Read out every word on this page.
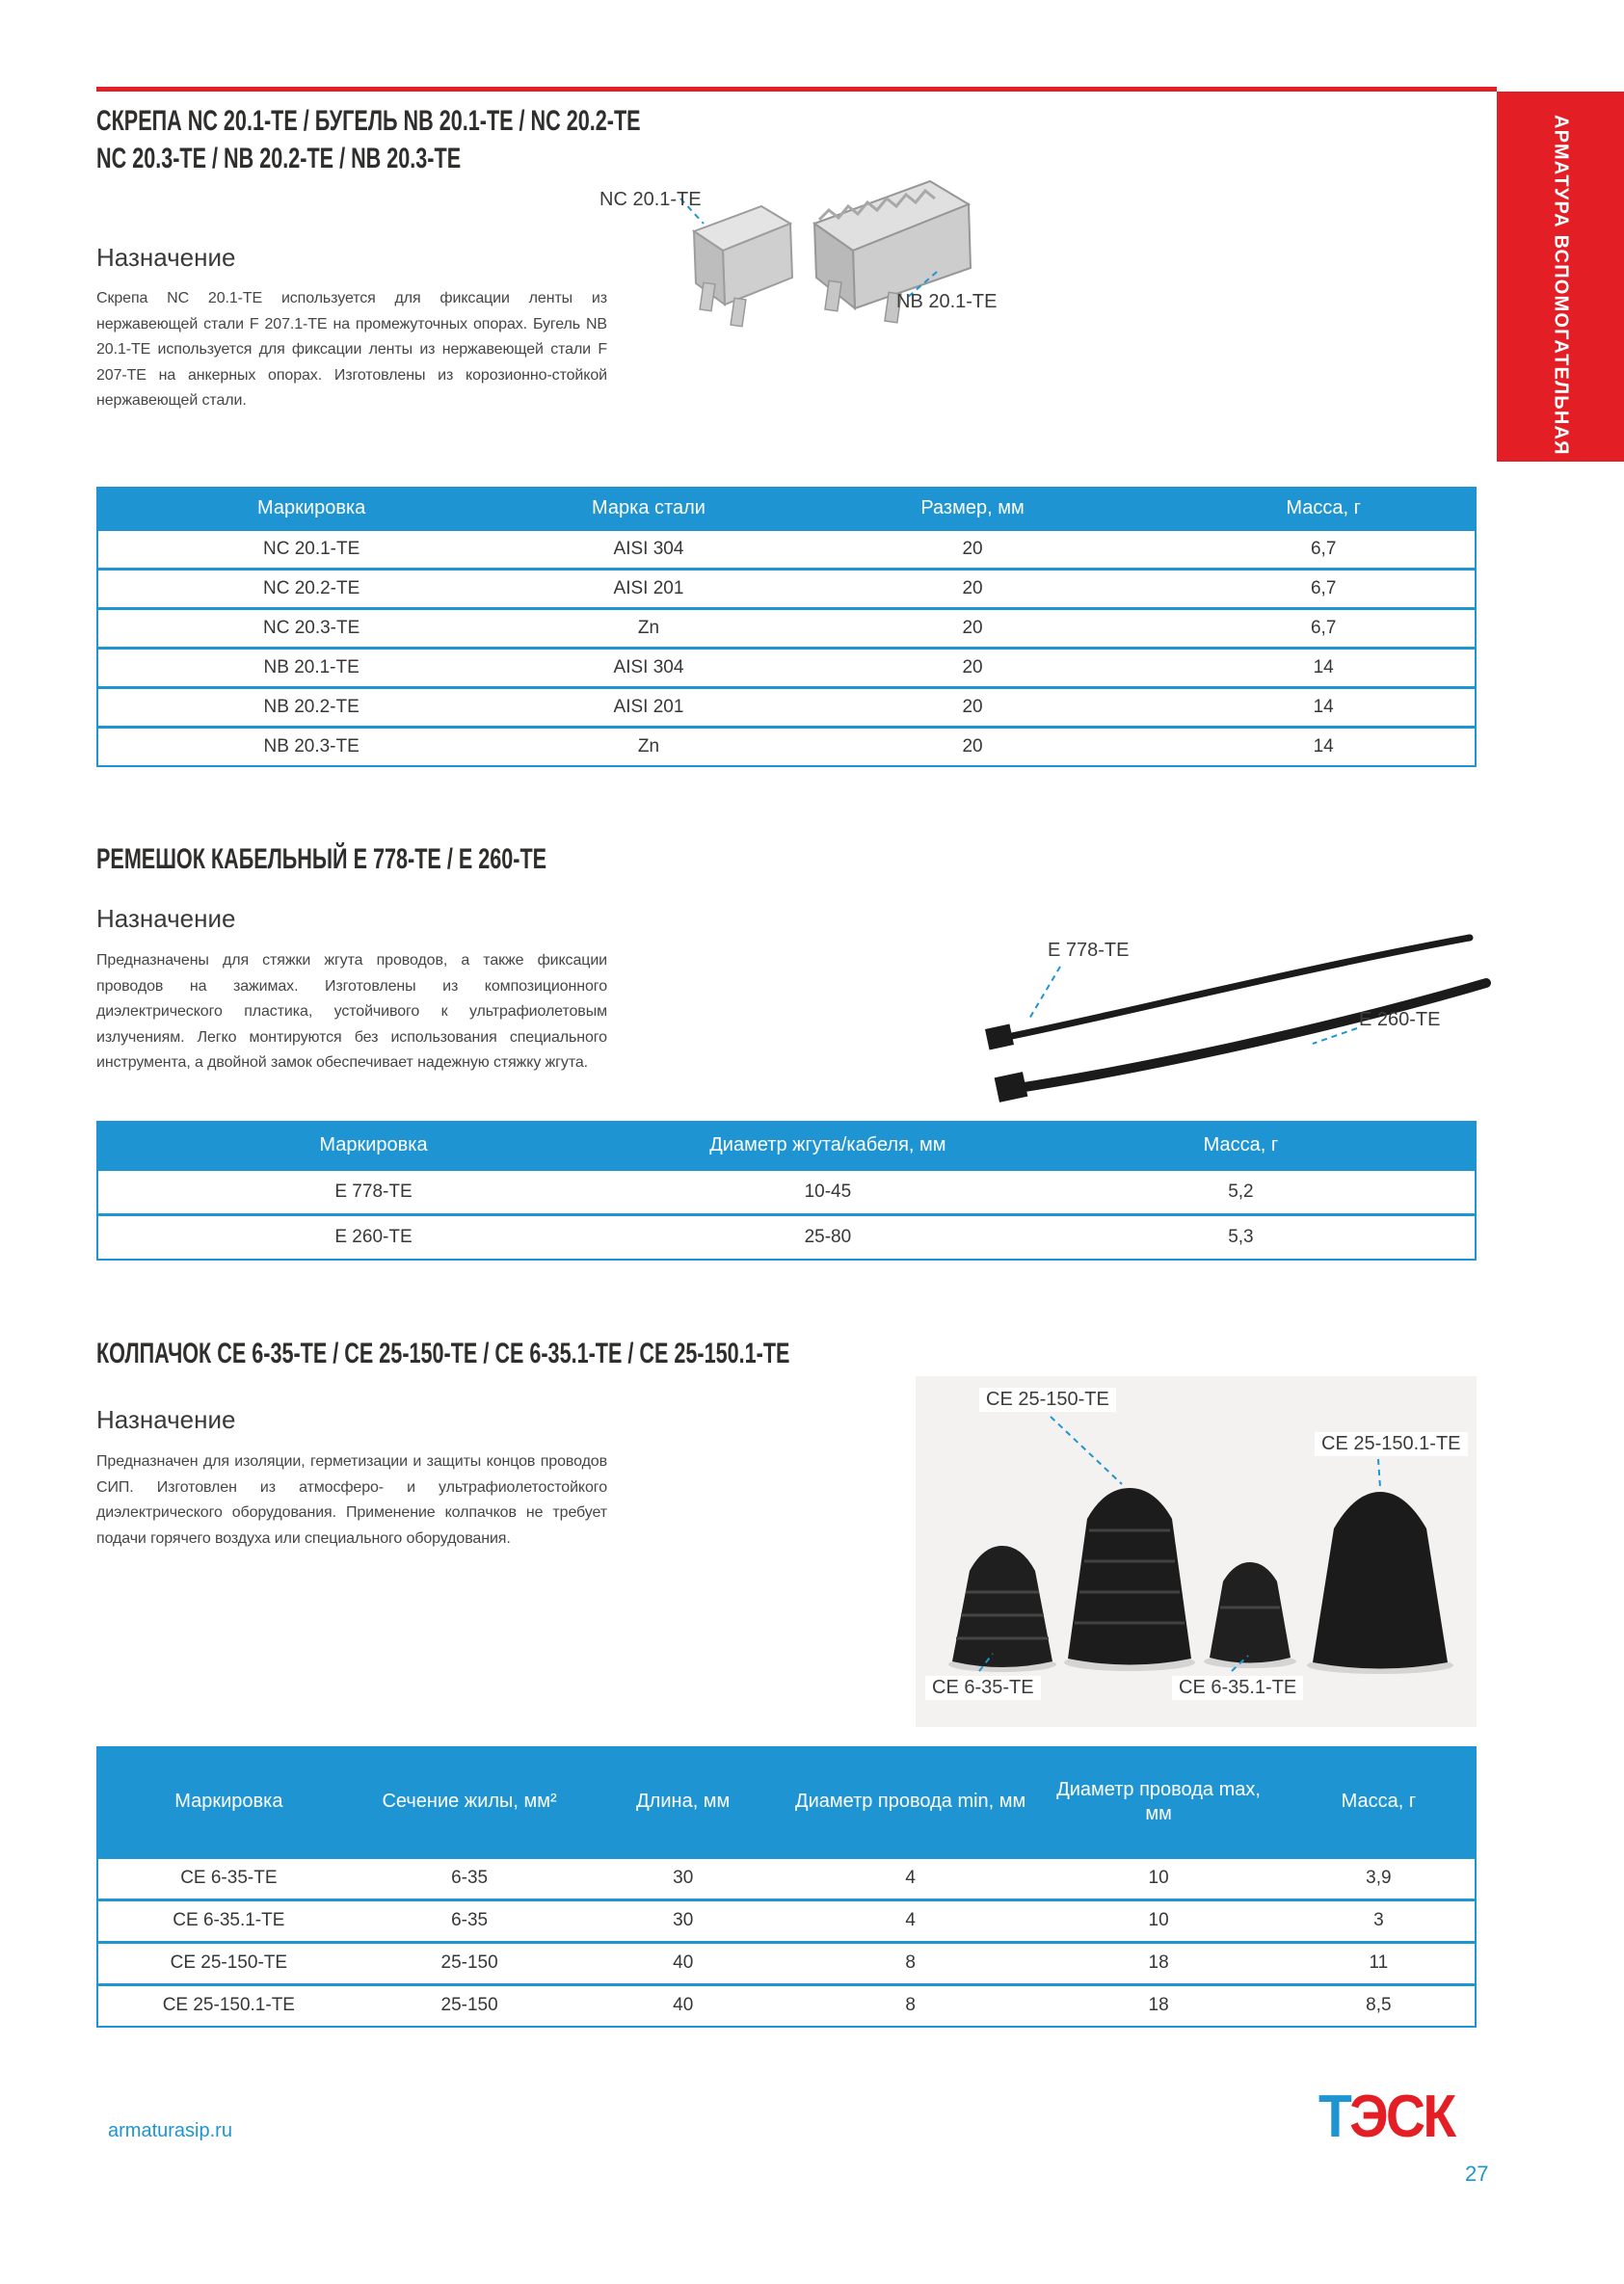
АРМАТУРА ВСПОМОГАТЕЛЬНАЯ
СКРЕПА NC 20.1-ТЕ / БУГЕЛЬ NB 20.1-ТЕ / NC 20.2-ТЕ
NC 20.3-ТЕ / NB 20.2-ТЕ / NB 20.3-ТЕ
Назначение
Скрепа NC 20.1-ТЕ используется для фиксации ленты из нержавеющей стали F 207.1-ТЕ на промежуточных опорах. Бугель NB 20.1-ТЕ используется для фиксации ленты из нержавеющей стали F 207-ТЕ на анкерных опорах. Изготовлены из корозионно-стойкой нержавеющей стали.
NC 20.1-TE
NB 20.1-TE
Маркировка	Марка стали	Размер, мм	Масса, г
NC 20.1-ТЕ	AISI 304	20	6,7
NC 20.2-ТЕ	AISI 201	20	6,7
NC 20.3-ТЕ	Zn	20	6,7
NB 20.1-ТЕ	AISI 304	20	14
NB 20.2-ТЕ	AISI 201	20	14
NB 20.3-ТЕ	Zn	20	14
РЕМЕШОК КАБЕЛЬНЫЙ Е 778-ТЕ / Е 260-ТЕ
Назначение
Предназначены для стяжки жгута проводов, а также фиксации проводов на зажимах. Изготовлены из композиционного диэлектрического пластика, устойчивого к ультрафиолетовым излучениям. Легко монтируются без использования специального инструмента, а двойной замок обеспечивает надежную стяжку жгута.
Е 778-ТЕ
Е 260-ТЕ
Маркировка	Диаметр жгута/кабеля, мм	Масса, г
Е 778-ТЕ	10-45	5,2
Е 260-ТЕ	25-80	5,3
КОЛПАЧОК СЕ 6-35-ТЕ / СЕ 25-150-ТЕ / СЕ 6-35.1-ТЕ / СЕ 25-150.1-ТЕ
Назначение
Предназначен для изоляции, герметизации и защиты концов проводов СИП. Изготовлен из атмосферо- и ультрафиолетостойкого диэлектрического оборудования. Применение колпачков не требует подачи горячего воздуха или специального оборудования.
СЕ 25-150-ТЕ
СЕ 25-150.1-ТЕ
СЕ 6-35-ТЕ	СЕ 6-35.1-ТЕ
Маркировка	Сечение жилы, мм²	Длина, мм	Диаметр провода min, мм	Диаметр провода max, мм	Масса, г
СЕ 6-35-ТЕ	6-35	30	4	10	3,9
СЕ 6-35.1-ТЕ	6-35	30	4	10	3
СЕ 25-150-ТЕ	25-150	40	8	18	11
СЕ 25-150.1-ТЕ	25-150	40	8	18	8,5
armaturasip.ru	ТЭСК
27
